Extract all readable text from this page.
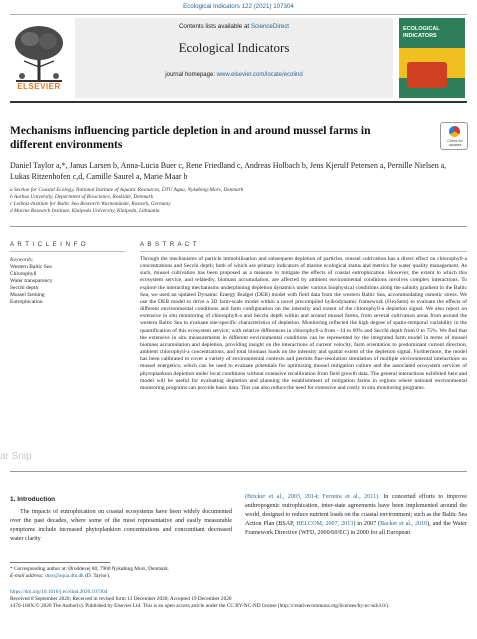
Ecological Indicators 122 (2021) 107304
ELSEVIER
Contents lists available at ScienceDirect
Ecological Indicators
journal homepage: www.elsevier.com/locate/ecolind
ECOLOGICAL INDICATORS
Mechanisms influencing particle depletion in and around mussel farms in different environments	Check for updates
Daniel Taylor a,*, Janus Larsen b, Anna-Lucia Buer c, Rene Friedland c, Andreas Holbach b, Jens Kjerulf Petersen a, Pernille Nielsen a, Lukas Ritzenhofen c,d, Camille Saurel a, Marie Maar b
a Section for Coastal Ecology, National Institute of Aquatic Resources, DTU Aqua, Nykøbing-Mors, Denmark
b Aarhus University, Department of Bioscience, Roskilde, Denmark
c Leibniz-Institute for Baltic Sea Research Warnemünde, Rostock, Germany
d Marine Research Institute, Klaipeda University, Klaipeda, Lithuania
A R T I C L E I N F O
Keywords:
Western Baltic Sea
Chlorophyll
Water transparency
Secchi depth
Mussel farming
Eutrophication
A B S T R A C T
Through the mechanisms of particle immobilisation and subsequent depletion of particles, mussel cultivation has a direct effect on chlorophyll-a concentrations and Secchi depth; both of which are primary indicators of marine ecological status and metrics for water quality management. As such, mussel cultivation has been proposed as a measure to mitigate the effects of coastal eutrophication. However, the extent to which this ecosystem service, and relatedly, biomass accumulation, are affected by ambient environmental conditions involves complex interactions. To explore the interacting mechanisms underpinning depletion dynamics under various biophysical conditions along the salinity gradient in the Baltic Sea, we used an updated Dynamic Energy Budget (DEB) model with field data from the western Baltic Sea, accommodating osmotic stress. We use the DEB model to drive a 3D farm-scale model within a novel precompiled hydrodynamic framework (FlexSem) to evaluate the effects of different environmental conditions and farm configuration on the intensity and extent of the chlorophyll-a depletion signal. We also report on extensive in situ monitoring of chlorophyll-a and Secchi depth within and around mussel farms, from several cultivation areas from around the western Baltic Sea to evaluate site-specific characteristics of depletion. Monitoring reflected the high degree of spatio-temporal variability in the quantification of this ecosystem service; with relative differences in chlorophyll-a from −14 to 69% and Secchi depth from 0 to 75%. We find that the extensive in situ measurements in different environmental conditions can be represented by the integrated farm model in terms of mussel biomass accumulation and depletion, providing insight on the interactions of current velocity, farm orientation to predominant current direction, ambient chlorophyll-a concentrations, and total biomass loads on the intensity and spatial extent of the depletion signal. Furthermore, the model has been calibrated to cover a variety of environmental contexts and permits fine-resolution simulation of multiple environmental interactions on mussel energetics, which can be used to evaluate potentials for optimizing mussel mitigation culture and the associated ecosystem services of phytoplankton depletion under local conditions without extensive recalibration from field growth data. The general interactions exhibited here and model will be useful for evaluating depletion and planning the establishment of mitigation farms in regions where national environmental monitoring programs can provide basic data. This can also reduce the need for extensive and costly in situ monitoring programs.
ar Snip
1. Introduction
The impacts of eutrophication on coastal ecosystems have been widely documented over the past decades, where some of the most representative and easily measurable symptoms include increased phytoplankton concentrations and concomitant decreased water clarity
(Bricker et al., 2003, 2014; Ferreira et al., 2011). In concerted efforts to improve anthropogenic eutrophication, inter-state agreements have been implemented around the world, designed to reduce nutrient loads on the coastal environment; such as the Baltic Sea Action Plan (BSAP, HELCOM, 2007, 2013) in 2007 (Backer et al., 2010), and the Water Framework Directive (WFD, 2000/60/EC) in 2000 for all European
* Corresponding author at: Øroddevej 80, 7900 Nykøbing Mors, Denmark.
E-mail address: dtay@aqua.dtu.dk (D. Taylor).
https://doi.org/10.1016/j.ecolind.2020.107304
Received 8 September 2020; Received in revised form 13 December 2020; Accepted 19 December 2020
1470-160X/© 2020 The Author(s). Published by Elsevier Ltd. This is an open access article under the CC BY-NC-ND license (http://creativecommons.org/licenses/by-nc-nd/4.0/).
